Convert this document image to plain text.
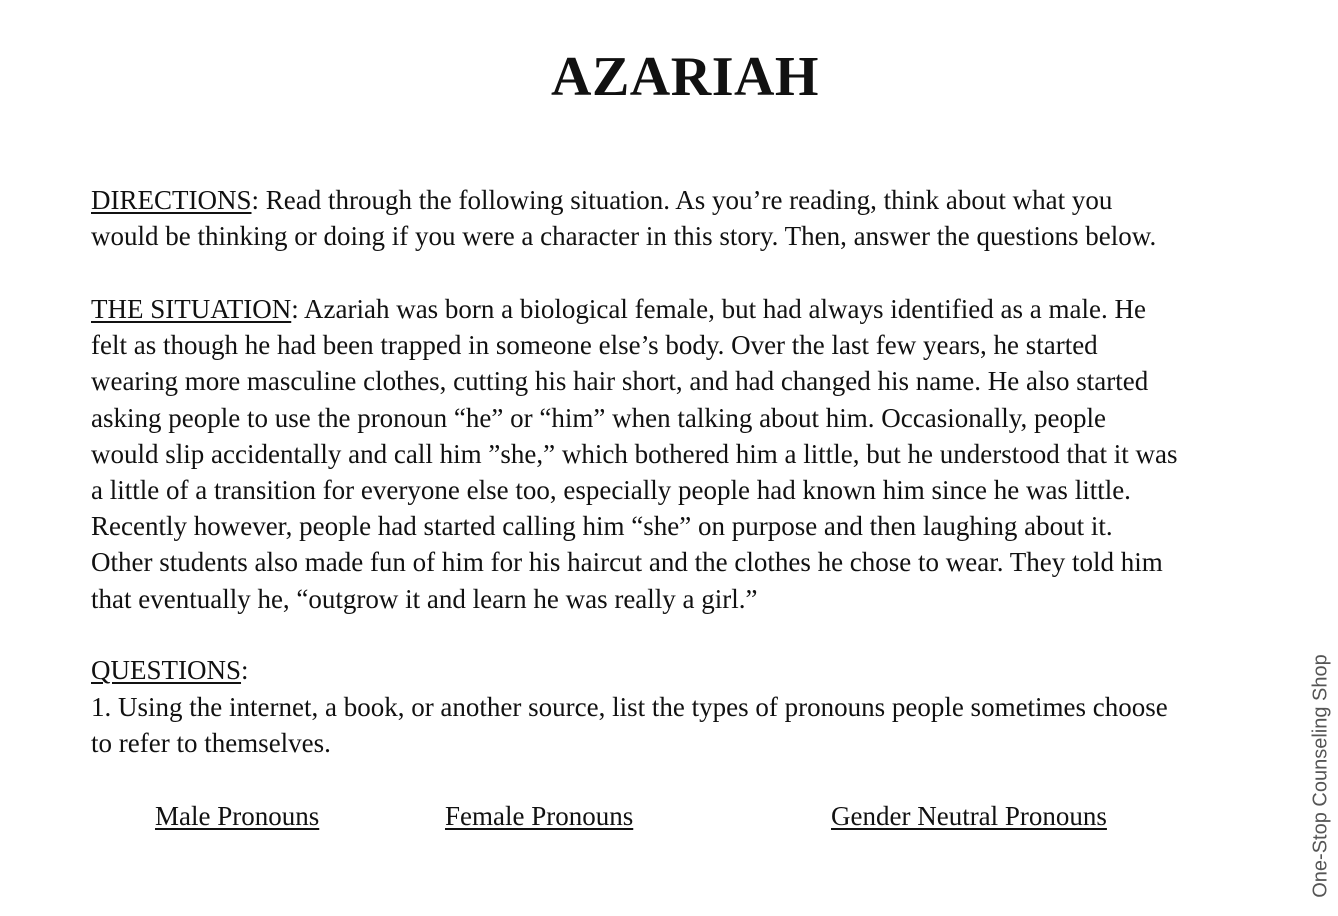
AZARIAH
DIRECTIONS: Read through the following situation. As you’re reading, think about what you
would be thinking or doing if you were a character in this story. Then, answer the questions below.
THE SITUATION: Azariah was born a biological female, but had always identified as a male. He
felt as though he had been trapped in someone else’s body. Over the last few years, he started
wearing more masculine clothes, cutting his hair short, and had changed his name. He also started
asking people to use the pronoun “he” or “him” when talking about him. Occasionally, people
would slip accidentally and call him ”she,” which bothered him a little, but he understood that it was
a little of a transition for everyone else too, especially people had known him since he was little.
Recently however, people had started calling him “she” on purpose and then laughing about it.
Other students also made fun of him for his haircut and the clothes he chose to wear. They told him
that eventually he, “outgrow it and learn he was really a girl.”
QUESTIONS:
1. Using the internet, a book, or another source, list the types of pronouns people sometimes choose
to refer to themselves.
Male Pronouns	Female Pronouns	Gender Neutral Pronouns	One-Stop Counseling Shop
